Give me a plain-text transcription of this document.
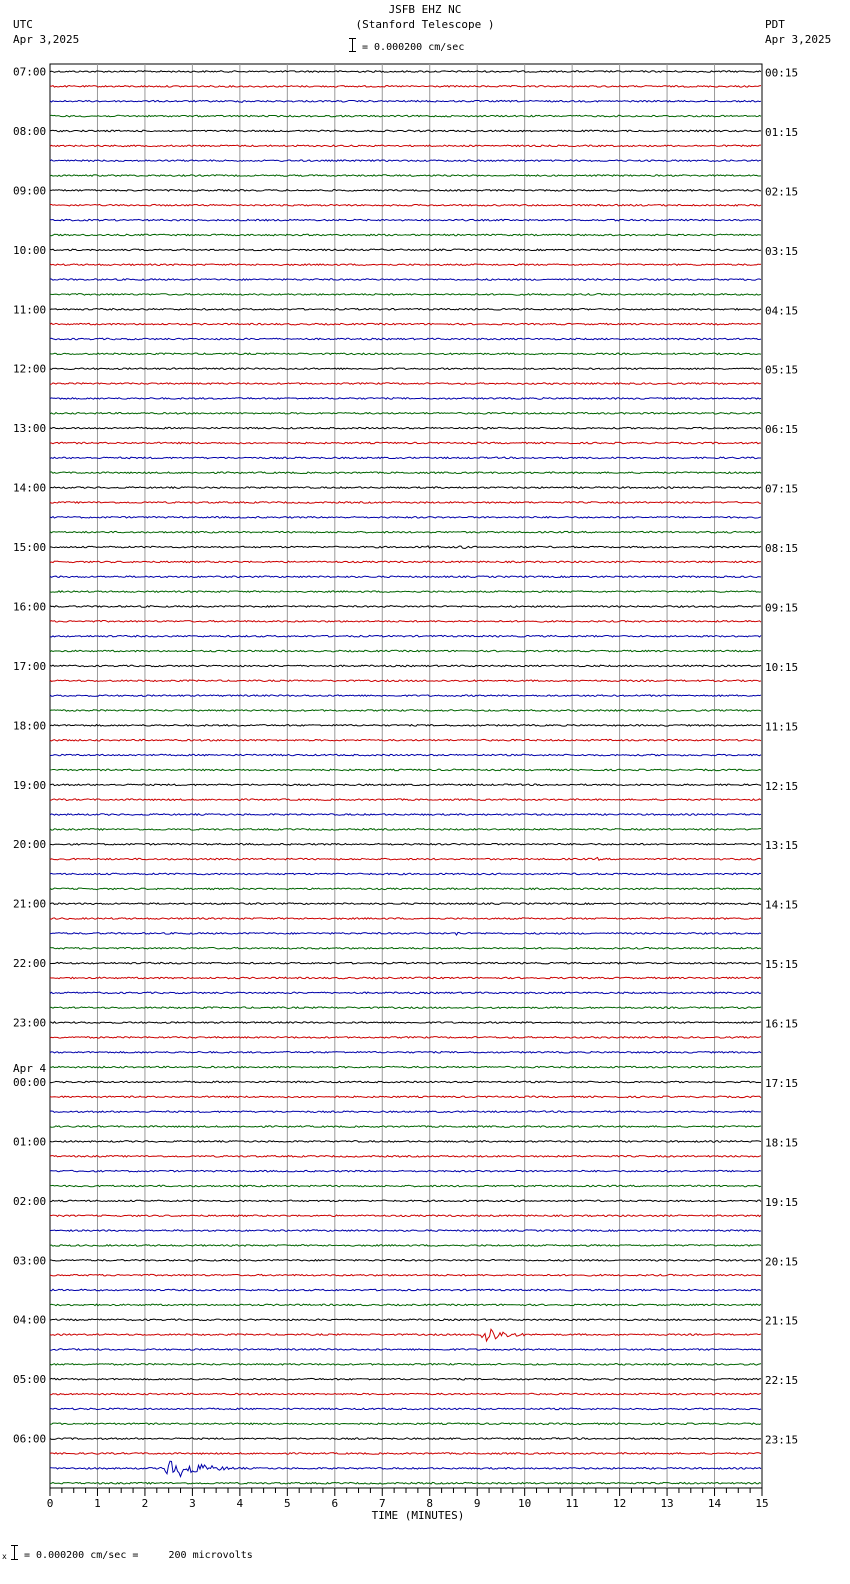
JSFB EHZ NC
(Stanford Telescope )
= 0.000200 cm/sec
UTC
Apr 3,2025
PDT
Apr 3,2025
07:00
08:00
09:00
10:00
11:00
12:00
13:00
14:00
15:00
16:00
17:00
18:00
19:00
20:00
21:00
22:00
23:00
00:00
01:00
02:00
03:00
04:00
05:00
06:00
Apr 4
00:15
01:15
02:15
03:15
04:15
05:15
06:15
07:15
08:15
09:15
10:15
11:15
12:15
13:15
14:15
15:15
16:15
17:15
18:15
19:15
20:15
21:15
22:15
23:15
0	1	2	3	4	5	6	7	8	9	10	11	12	13	14	15
TIME (MINUTES)
x = 0.000200 cm/sec =     200 microvolts
